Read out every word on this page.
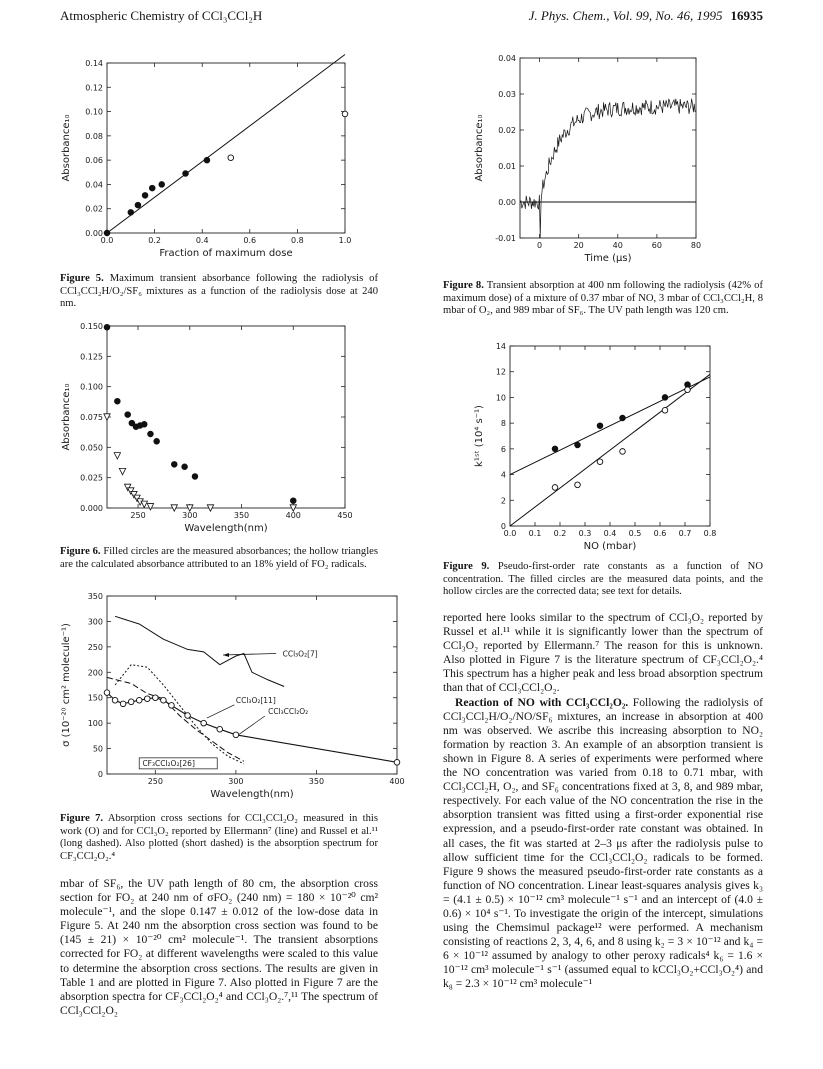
Atmospheric Chemistry of CCl₃CCl₂H	J. Phys. Chem., Vol. 99, No. 46, 1995 16935
0.0	0.2	0.4	0.6	0.8	1.0
0.00
0.02
0.04
0.06
0.08
0.10
0.12
0.14
Fraction of maximum dose
Absorbance₁₀
Figure 5. Maximum transient absorbance following the radiolysis of CCl₃CCl₂H/O₂/SF₆ mixtures as a function of the radiolysis dose at 240 nm.
250	300	350	400	450
0.000
0.025
0.050
0.075
0.100
0.125
0.150
Wavelength(nm)
Absorbance₁₀
Figure 6. Filled circles are the measured absorbances; the hollow triangles are the calculated absorbance attributed to an 18% yield of FO₂ radicals.
250	300	350	400
0
50
100
150
200
250
300
350
Wavelength(nm)
σ (10⁻²⁰ cm² molecule⁻¹)	CCl₃O₂[7]
CCl₃O₂[11]
CCl₃CCl₂O₂
CF₃CCl₂O₂[26]
Figure 7. Absorption cross sections for CCl₃CCl₂O₂ measured in this work (O) and for CCl₃O₂ reported by Ellermann⁷ (line) and Russel et al.¹¹ (long dashed). Also plotted (short dashed) is the absorption spectrum for CF₃CCl₂O₂.⁴

mbar of SF₆, the UV path length of 80 cm, the absorption cross section for FO₂ at 240 nm of σFO₂ (240 nm) = 180 × 10⁻²⁰ cm² molecule⁻¹, and the slope 0.147 ± 0.012 of the low-dose data in Figure 5. At 240 nm the absorption cross section was found to be (145 ± 21) × 10⁻²⁰ cm² molecule⁻¹. The transient absorptions corrected for FO₂ at different wavelengths were scaled to this value to determine the absorption cross sections. The results are given in Table 1 and are plotted in Figure 7. Also plotted in Figure 7 are the absorption spectra for CF₃CCl₂O₂⁴ and CCl₃O₂.⁷,¹¹ The spectrum of CCl₃CCl₂O₂

0	20	40	60	80
-0.01
0.00
0.01
0.02
0.03
0.04
Time (μs)
Absorbance₁₀
Figure 8. Transient absorption at 400 nm following the radiolysis (42% of maximum dose) of a mixture of 0.37 mbar of NO, 3 mbar of CCl₃CCl₂H, 8 mbar of O₂, and 989 mbar of SF₆. The UV path length was 120 cm.
0.0 0.1 0.2 0.3 0.4 0.5 0.6 0.7 0.8
0
2
4
6
8
10
12
14
NO (mbar)
k¹ˢᵗ (10⁴ s⁻¹)
Figure 9. Pseudo-first-order rate constants as a function of NO concentration. The filled circles are the measured data points, and the hollow circles are the corrected data; see text for details.

reported here looks similar to the spectrum of CCl₃O₂ reported by Russel et al.¹¹ while it is significantly lower than the spectrum of CCl₃O₂ reported by Ellermann.⁷ The reason for this is unknown. Also plotted in Figure 7 is the literature spectrum of CF₃CCl₂O₂.⁴ This spectrum has a higher peak and less broad absorption spectrum than that of CCl₃CCl₂O₂.

Reaction of NO with CCl₃CCl₂O₂. Following the radiolysis of CCl₃CCl₂H/O₂/NO/SF₆ mixtures, an increase in absorption at 400 nm was observed. We ascribe this increasing absorption to NO₂ formation by reaction 3. An example of an absorption transient is shown in Figure 8. A series of experiments were performed where the NO concentration was varied from 0.18 to 0.71 mbar, with CCl₃CCl₂H, O₂, and SF₆ concentrations fixed at 3, 8, and 989 mbar, respectively. For each value of the NO concentration the rise in the absorption transient was fitted using a first-order exponential rise expression, and a pseudo-first-order rate constant was obtained. In all cases, the fit was started at 2–3 μs after the radiolysis pulse to allow sufficient time for the CCl₃CCl₂O₂ radicals to be formed. Figure 9 shows the measured pseudo-first-order rate constants as a function of NO concentration. Linear least-squares analysis gives k₃ = (4.1 ± 0.5) × 10⁻¹² cm³ molecule⁻¹ s⁻¹ and an intercept of (4.0 ± 0.6) × 10⁴ s⁻¹. To investigate the origin of the intercept, simulations using the Chemsimul package¹² were performed. A mechanism consisting of reactions 2, 3, 4, 6, and 8 using k₂ = 3 × 10⁻¹² and k₄ = 6 × 10⁻¹² assumed by analogy to other peroxy radicals⁴ k₆ = 1.6 × 10⁻¹² cm³ molecule⁻¹ s⁻¹ (assumed equal to kCCl₃O₂+CCl₃O₂⁴) and k₈ = 2.3 × 10⁻¹² cm³ molecule⁻¹
